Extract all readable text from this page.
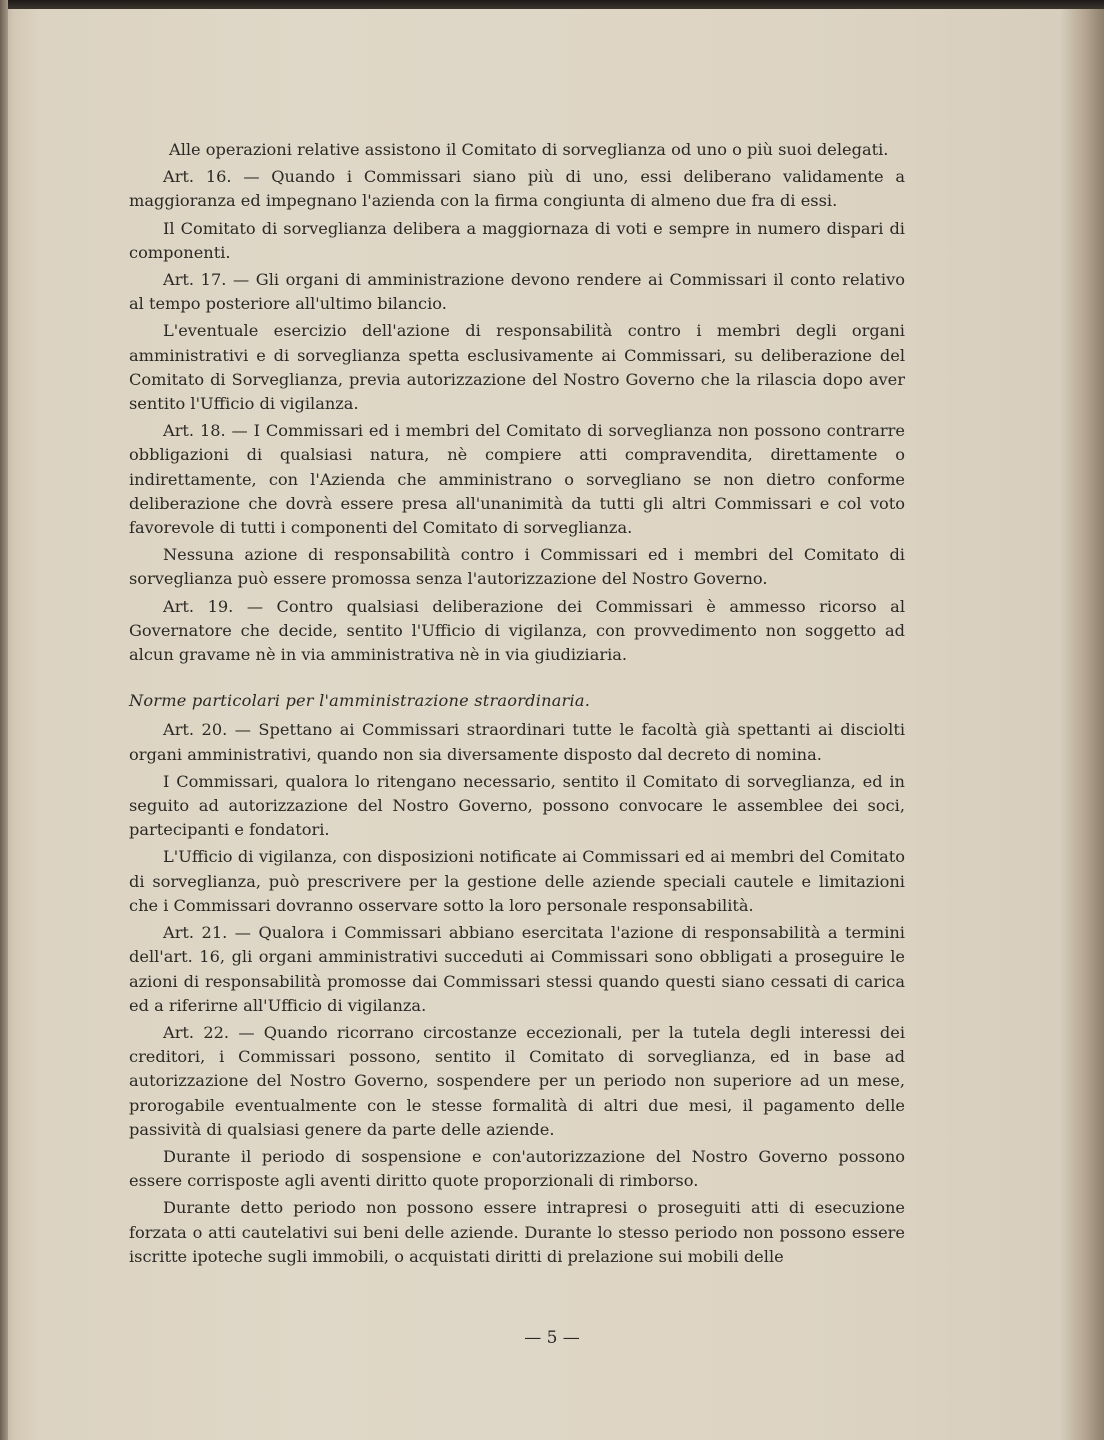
Alle operazioni relative assistono il Comitato di sorveglianza od uno o più suoi delegati.

Art. 16. — Quando i Commissari siano più di uno, essi deliberano validamente a maggioranza ed impegnano l'azienda con la firma congiunta di almeno due fra di essi.

Il Comitato di sorveglianza delibera a maggiornaza di voti e sempre in numero dispari di componenti.

Art. 17. — Gli organi di amministrazione devono rendere ai Commissari il conto relativo al tempo posteriore all'ultimo bilancio.

L'eventuale esercizio dell'azione di responsabilità contro i membri degli organi amministrativi e di sorveglianza spetta esclusivamente ai Commissari, su deliberazione del Comitato di Sorveglianza, previa autorizzazione del Nostro Governo che la rilascia dopo aver sentito l'Ufficio di vigilanza.

Art. 18. — I Commissari ed i membri del Comitato di sorveglianza non possono contrarre obbligazioni di qualsiasi natura, nè compiere atti compravendita, direttamente o indirettamente, con l'Azienda che amministrano o sorvegliano se non dietro conforme deliberazione che dovrà essere presa all'unanimità da tutti gli altri Commissari e col voto favorevole di tutti i componenti del Comitato di sorveglianza.

Nessuna azione di responsabilità contro i Commissari ed i membri del Comitato di sorveglianza può essere promossa senza l'autorizzazione del Nostro Governo.

Art. 19. — Contro qualsiasi deliberazione dei Commissari è ammesso ricorso al Governatore che decide, sentito l'Ufficio di vigilanza, con provvedimento non soggetto ad alcun gravame nè in via amministrativa nè in via giudiziaria.

Norme particolari per l'amministrazione straordinaria.

Art. 20. — Spettano ai Commissari straordinari tutte le facoltà già spettanti ai disciolti organi amministrativi, quando non sia diversamente disposto dal decreto di nomina.

I Commissari, qualora lo ritengano necessario, sentito il Comitato di sorveglianza, ed in seguito ad autorizzazione del Nostro Governo, possono convocare le assemblee dei soci, partecipanti e fondatori.

L'Ufficio di vigilanza, con disposizioni notificate ai Commissari ed ai membri del Comitato di sorveglianza, può prescrivere per la gestione delle aziende speciali cautele e limitazioni che i Commissari dovranno osservare sotto la loro personale responsabilità.

Art. 21. — Qualora i Commissari abbiano esercitata l'azione di responsabilità a termini dell'art. 16, gli organi amministrativi succeduti ai Commissari sono obbligati a proseguire le azioni di responsabilità promosse dai Commissari stessi quando questi siano cessati di carica ed a riferirne all'Ufficio di vigilanza.

Art. 22. — Quando ricorrano circostanze eccezionali, per la tutela degli interessi dei creditori, i Commissari possono, sentito il Comitato di sorveglianza, ed in base ad autorizzazione del Nostro Governo, sospendere per un periodo non superiore ad un mese, prorogabile eventualmente con le stesse formalità di altri due mesi, il pagamento delle passività di qualsiasi genere da parte delle aziende.

Durante il periodo di sospensione e con'autorizzazione del Nostro Governo possono essere corrisposte agli aventi diritto quote proporzionali di rimborso.

Durante detto periodo non possono essere intrapresi o proseguiti atti di esecuzione forzata o atti cautelativi sui beni delle aziende. Durante lo stesso periodo non possono essere iscritte ipoteche sugli immobili, o acquistati diritti di prelazione sui mobili delle

— 5 —
